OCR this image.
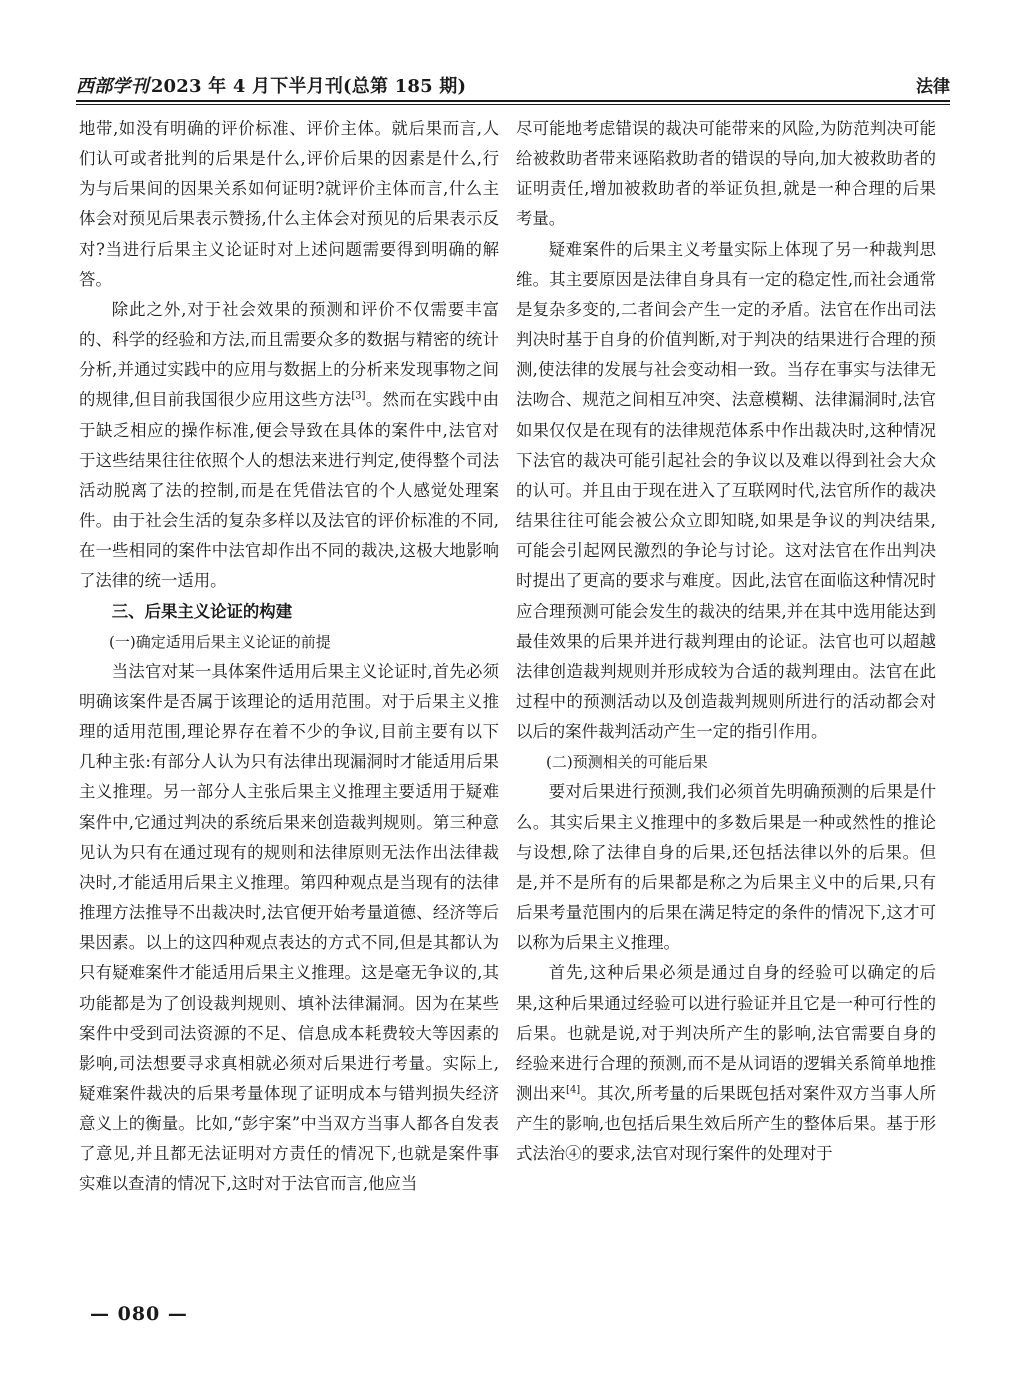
西部学刊 2023 年 4 月下半月刊(总第 185 期)	法律

地带,如没有明确的评价标准、评价主体。就后果而言,人们认可或者批判的后果是什么,评价后果的因素是什么,行为与后果间的因果关系如何证明?就评价主体而言,什么主体会对预见后果表示赞扬,什么主体会对预见的后果表示反对?当进行后果主义论证时对上述问题需要得到明确的解答。

除此之外,对于社会效果的预测和评价不仅需要丰富的、科学的经验和方法,而且需要众多的数据与精密的统计分析,并通过实践中的应用与数据上的分析来发现事物之间的规律,但目前我国很少应用这些方法[3]。然而在实践中由于缺乏相应的操作标准,便会导致在具体的案件中,法官对于这些结果往往依照个人的想法来进行判定,使得整个司法活动脱离了法的控制,而是在凭借法官的个人感觉处理案件。由于社会生活的复杂多样以及法官的评价标准的不同,在一些相同的案件中法官却作出不同的裁决,这极大地影响了法律的统一适用。

三、后果主义论证的构建

(一)确定适用后果主义论证的前提

当法官对某一具体案件适用后果主义论证时,首先必须明确该案件是否属于该理论的适用范围。对于后果主义推理的适用范围,理论界存在着不少的争议,目前主要有以下几种主张:有部分人认为只有法律出现漏洞时才能适用后果主义推理。另一部分人主张后果主义推理主要适用于疑难案件中,它通过判决的系统后果来创造裁判规则。第三种意见认为只有在通过现有的规则和法律原则无法作出法律裁决时,才能适用后果主义推理。第四种观点是当现有的法律推理方法推导不出裁决时,法官便开始考量道德、经济等后果因素。以上的这四种观点表达的方式不同,但是其都认为只有疑难案件才能适用后果主义推理。这是毫无争议的,其功能都是为了创设裁判规则、填补法律漏洞。因为在某些案件中受到司法资源的不足、信息成本耗费较大等因素的影响,司法想要寻求真相就必须对后果进行考量。实际上,疑难案件裁决的后果考量体现了证明成本与错判损失经济意义上的衡量。比如,“彭宇案”中当双方当事人都各自发表了意见,并且都无法证明对方责任的情况下,也就是案件事实难以查清的情况下,这时对于法官而言,他应当

尽可能地考虑错误的裁决可能带来的风险,为防范判决可能给被救助者带来诬陷救助者的错误的导向,加大被救助者的证明责任,增加被救助者的举证负担,就是一种合理的后果考量。

疑难案件的后果主义考量实际上体现了另一种裁判思维。其主要原因是法律自身具有一定的稳定性,而社会通常是复杂多变的,二者间会产生一定的矛盾。法官在作出司法判决时基于自身的价值判断,对于判决的结果进行合理的预测,使法律的发展与社会变动相一致。当存在事实与法律无法吻合、规范之间相互冲突、法意模糊、法律漏洞时,法官如果仅仅是在现有的法律规范体系中作出裁决时,这种情况下法官的裁决可能引起社会的争议以及难以得到社会大众的认可。并且由于现在进入了互联网时代,法官所作的裁决结果往往可能会被公众立即知晓,如果是争议的判决结果,可能会引起网民激烈的争论与讨论。这对法官在作出判决时提出了更高的要求与难度。因此,法官在面临这种情况时应合理预测可能会发生的裁决的结果,并在其中选用能达到最佳效果的后果并进行裁判理由的论证。法官也可以超越法律创造裁判规则并形成较为合适的裁判理由。法官在此过程中的预测活动以及创造裁判规则所进行的活动都会对以后的案件裁判活动产生一定的指引作用。

(二)预测相关的可能后果

要对后果进行预测,我们必须首先明确预测的后果是什么。其实后果主义推理中的多数后果是一种或然性的推论与设想,除了法律自身的后果,还包括法律以外的后果。但是,并不是所有的后果都是称之为后果主义中的后果,只有后果考量范围内的后果在满足特定的条件的情况下,这才可以称为后果主义推理。

首先,这种后果必须是通过自身的经验可以确定的后果,这种后果通过经验可以进行验证并且它是一种可行性的后果。也就是说,对于判决所产生的影响,法官需要自身的经验来进行合理的预测,而不是从词语的逻辑关系简单地推测出来[4]。其次,所考量的后果既包括对案件双方当事人所产生的影响,也包括后果生效后所产生的整体后果。基于形式法治④的要求,法官对现行案件的处理对于

— 080 —
